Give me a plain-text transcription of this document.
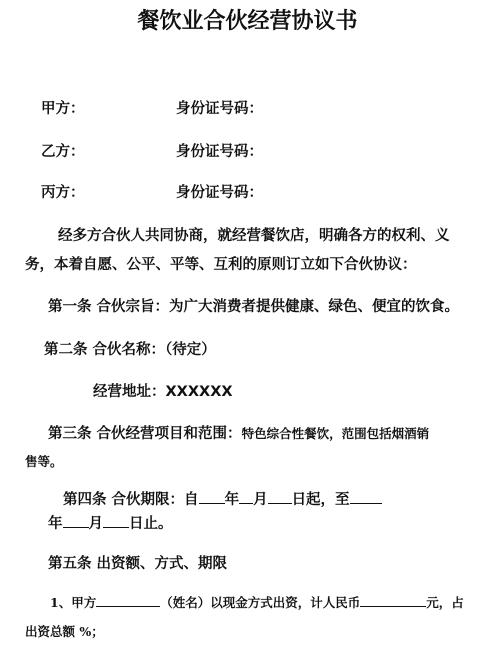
餐饮业合伙经营协议书
甲方：	身份证号码：
乙方：	身份证号码：
丙方：	身份证号码：
经多方合伙人共同协商，就经营餐饮店，明确各方的权利、义
务，本着自愿、公平、平等、互利的原则订立如下合伙协议：
第一条 合伙宗旨：为广大消费者提供健康、绿色、便宜的饮食。
第二条 合伙名称：（待定）
经营地址：XXXXXX
第三条 合伙经营项目和范围：特色综合性餐饮，范围包括烟酒销
售等。
第四条 合伙期限：自 年 月 日起，至
年 月 日止。
第五条 出资额、方式、期限
1、甲方	（姓名）以现金方式出资，计人民币	元，占
出资总额 %；
